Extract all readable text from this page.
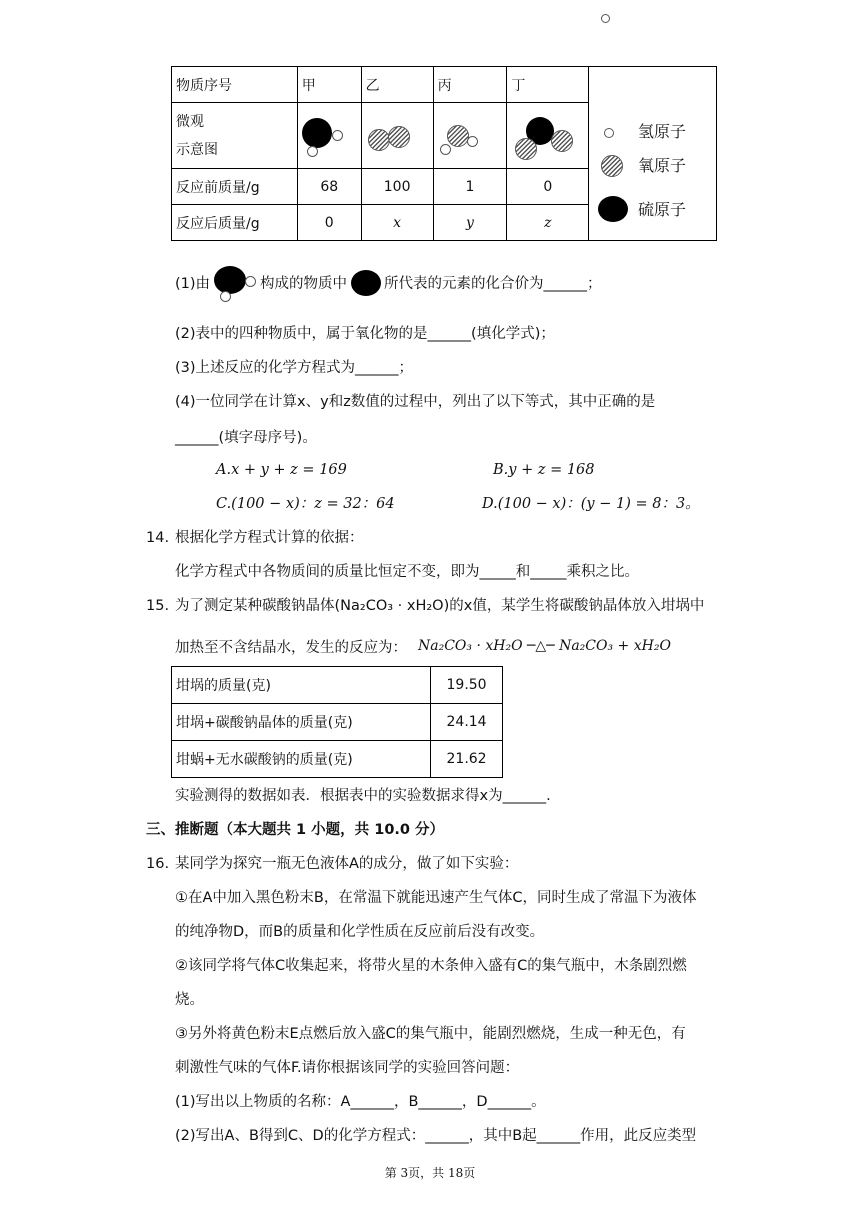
物质序号	甲	乙	丙	丁	

微观
示意图					

反应前质量/g	68	100	1	0	
反应后质量/g	0	x	y	z	
氢原子
氧原子
硫原子
(1)由	构成的物质中	所代表的元素的化合价为______；
(2)表中的四种物质中，属于氧化物的是______(填化学式)；
(3)上述反应的化学方程式为______；
(4)一位同学在计算x、y和z数值的过程中，列出了以下等式，其中正确的是
______(填字母序号)。
A.x + y + z = 169	B.y + z = 168
C.(100 − x)：z = 32：64	D.(100 − x)：(y − 1) = 8：3。
14. 根据化学方程式计算的依据：
化学方程式中各物质间的质量比恒定不变，即为_____和_____乘积之比。
15. 为了测定某种碳酸钠晶体(Na₂CO₃ · xH₂O)的x值，某学生将碳酸钠晶体放入坩埚中
加热至不含结晶水，发生的反应为： Na₂CO₃ · xH₂O ─△─ Na₂CO₃ + xH₂O
坩埚的质量(克)	19.50
坩埚+碳酸钠晶体的质量(克)	24.14
坩蜗+无水碳酸钠的质量(克)	21.62
实验测得的数据如表．根据表中的实验数据求得x为______.
三、推断题（本大题共 1 小题，共 10.0 分）
16. 某同学为探究一瓶无色液体A的成分，做了如下实验：
①在A中加入黑色粉末B，在常温下就能迅速产生气体C，同时生成了常温下为液体
的纯净物D，而B的质量和化学性质在反应前后没有改变。
②该同学将气体C收集起来，将带火星的木条伸入盛有C的集气瓶中，木条剧烈燃
烧。
③另外将黄色粉末E点燃后放入盛C的集气瓶中，能剧烈燃烧，生成一种无色，有
刺激性气味的气体F.请你根据该同学的实验回答问题：
(1)写出以上物质的名称：A______，B______，D______。
(2)写出A、B得到C、D的化学方程式：______，其中B起______作用，此反应类型
第 3页，共 18页
